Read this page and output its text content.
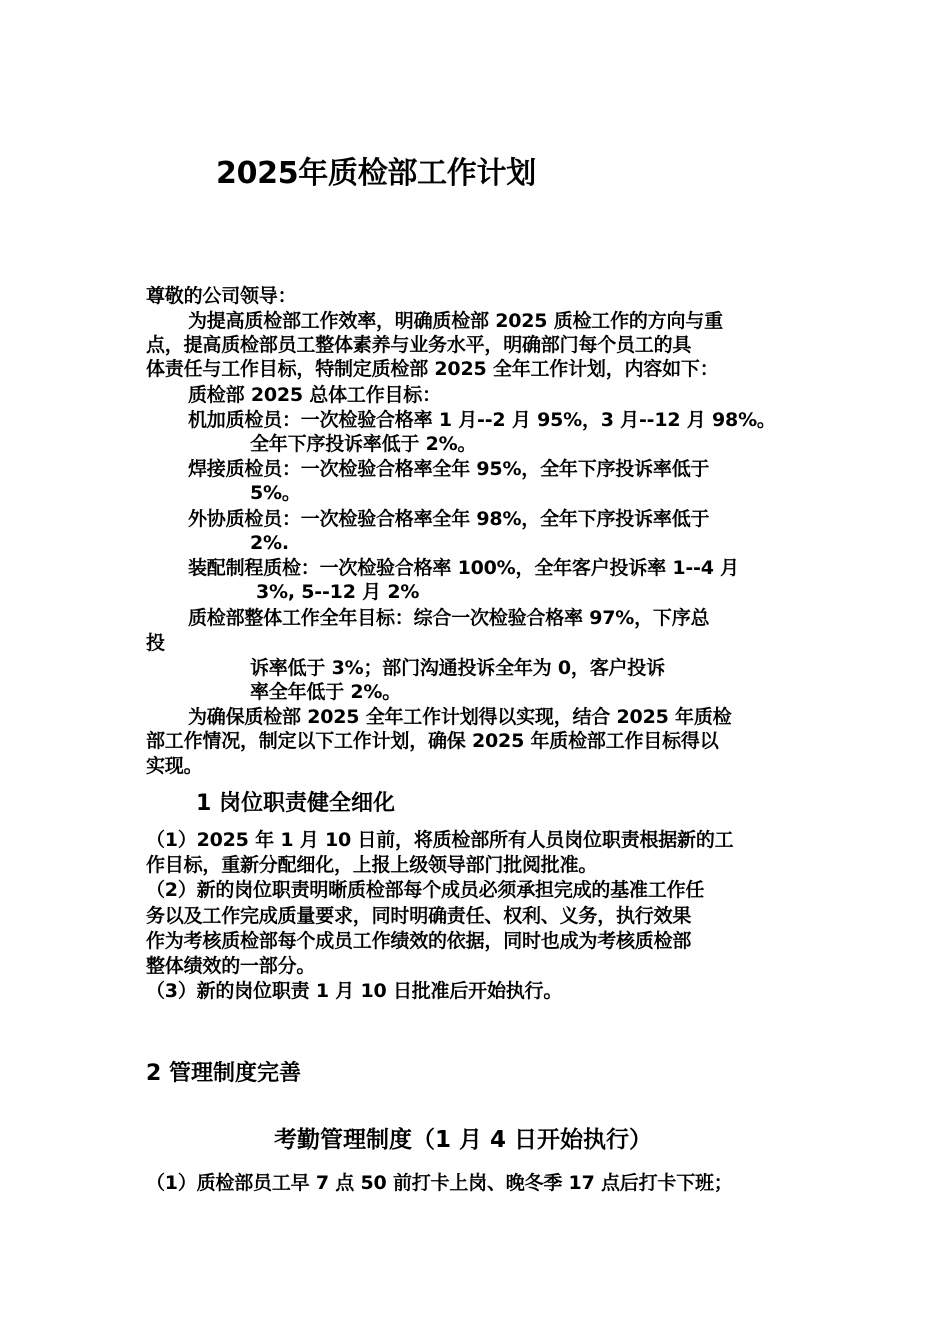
2025年质检部工作计划
尊敬的公司领导：
为提高质检部工作效率，明确质检部 2025 质检工作的方向与重
点，提高质检部员工整体素养与业务水平，明确部门每个员工的具
体责任与工作目标，特制定质检部 2025 全年工作计划，内容如下：
质检部 2025 总体工作目标：
机加质检员：一次检验合格率 1 月--2 月 95%，3 月--12 月 98%。
全年下序投诉率低于 2%。
焊接质检员：一次检验合格率全年 95%，全年下序投诉率低于
5%。
外协质检员：一次检验合格率全年 98%，全年下序投诉率低于
2%.
装配制程质检：一次检验合格率 100%，全年客户投诉率 1--4 月
3%, 5--12 月 2%
质检部整体工作全年目标：综合一次检验合格率 97%，下序总
投
诉率低于 3%；部门沟通投诉全年为 0，客户投诉
率全年低于 2%。
为确保质检部 2025 全年工作计划得以实现，结合 2025 年质检
部工作情况，制定以下工作计划，确保 2025 年质检部工作目标得以
实现。
1 岗位职责健全细化
（1）2025 年 1 月 10 日前，将质检部所有人员岗位职责根据新的工
作目标，重新分配细化，上报上级领导部门批阅批准。
（2）新的岗位职责明晰质检部每个成员必须承担完成的基准工作任
务以及工作完成质量要求，同时明确责任、权利、义务，执行效果
作为考核质检部每个成员工作绩效的依据，同时也成为考核质检部
整体绩效的一部分。
（3）新的岗位职责 1 月 10 日批准后开始执行。
2 管理制度完善
考勤管理制度（1 月 4 日开始执行）
（1）质检部员工早 7 点 50 前打卡上岗、晚冬季 17 点后打卡下班；
